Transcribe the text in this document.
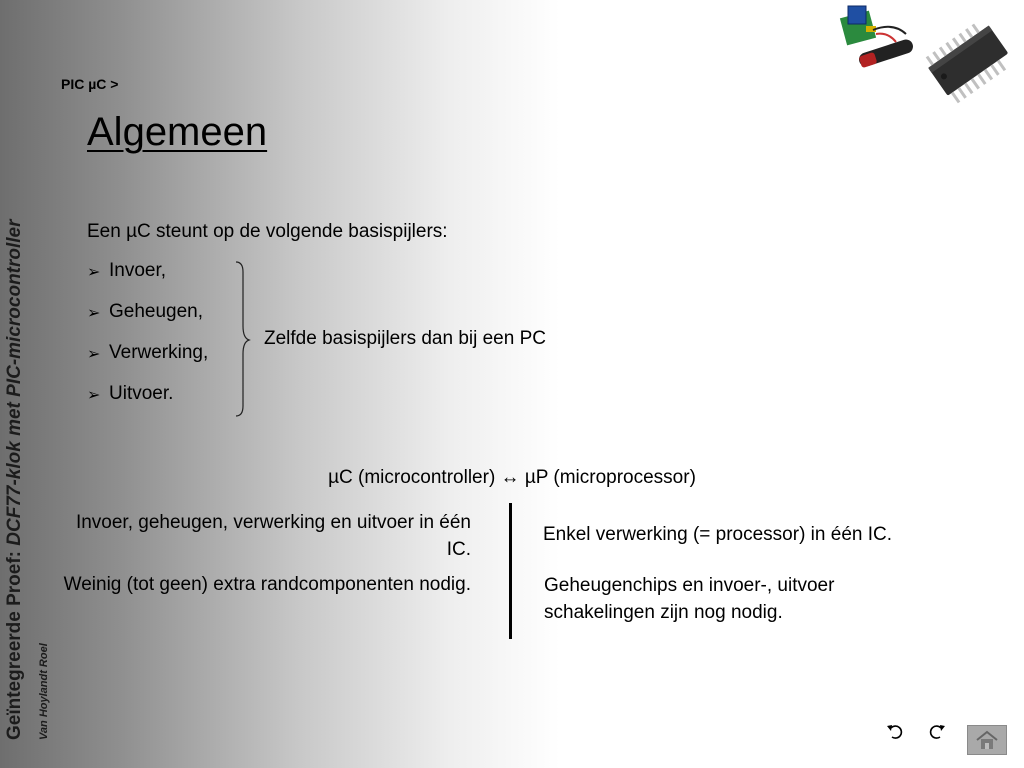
Geïntegreerde Proef: DCF77-klok met PIC-microcontroller
Van Hoylandt Roel
PIC µC >
Algemeen
Een µC steunt op de volgende basispijlers:
➢ Invoer,
➢ Geheugen,
➢ Verwerking,
➢ Uitvoer.
Zelfde basispijlers dan bij een PC
µC (microcontroller) ↔ µP (microprocessor)
Invoer, geheugen, verwerking en uitvoer in één IC.
Weinig (tot geen) extra randcomponenten nodig.
Enkel verwerking (= processor) in één IC.
Geheugenchips en invoer-, uitvoer schakelingen zijn nog nodig.
